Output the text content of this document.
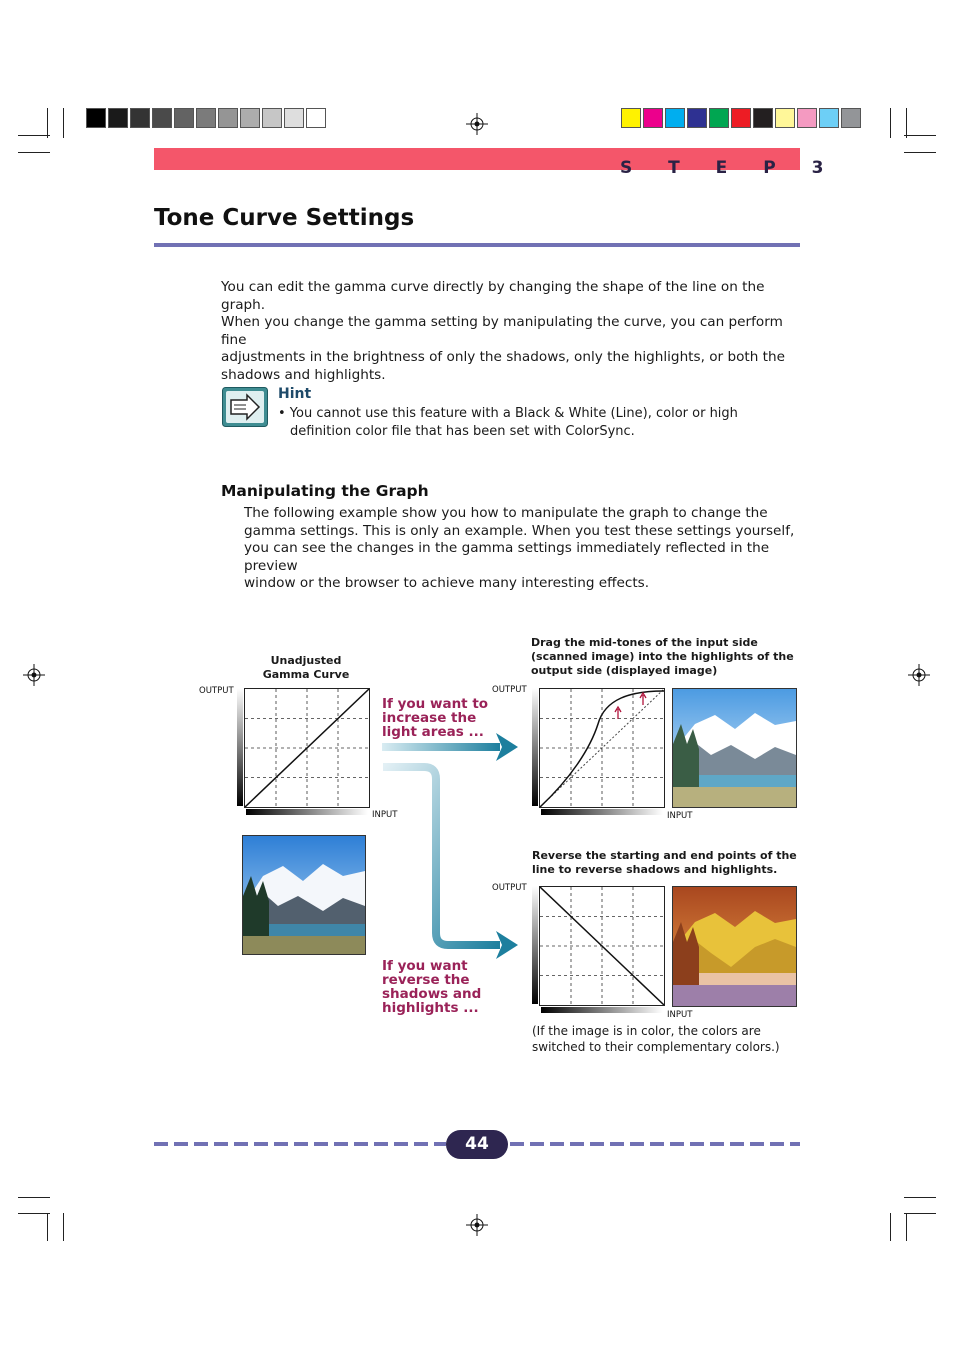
S T E P 3
Tone Curve Settings
You can edit the gamma curve directly by changing the shape of the line on the graph.
When you change the gamma setting by manipulating the curve, you can perform fine
adjustments in the brightness of only the shadows, only the highlights, or both the
shadows and highlights.
Hint
• You cannot use this feature with a Black & White (Line), color or high
definition color file that has been set with ColorSync.
Manipulating the Graph
The following example show you how to manipulate the graph to change the
gamma settings. This is only an example. When you test these settings yourself,
you can see the changes in the gamma settings immediately reflected in the preview
window or the browser to achieve many interesting effects.
Unadjusted
Gamma Curve
OUTPUT
INPUT
If you want to
increase the
light areas ...
Drag the mid-tones of the input side
(scanned image) into the highlights of the
output side (displayed image)
OUTPUT
INPUT
If you want
reverse the
shadows and
highlights ...
Reverse the starting and end points of the
line to reverse shadows and highlights.
OUTPUT
INPUT
(If the image is in color, the colors are
switched to their complementary colors.)
44
